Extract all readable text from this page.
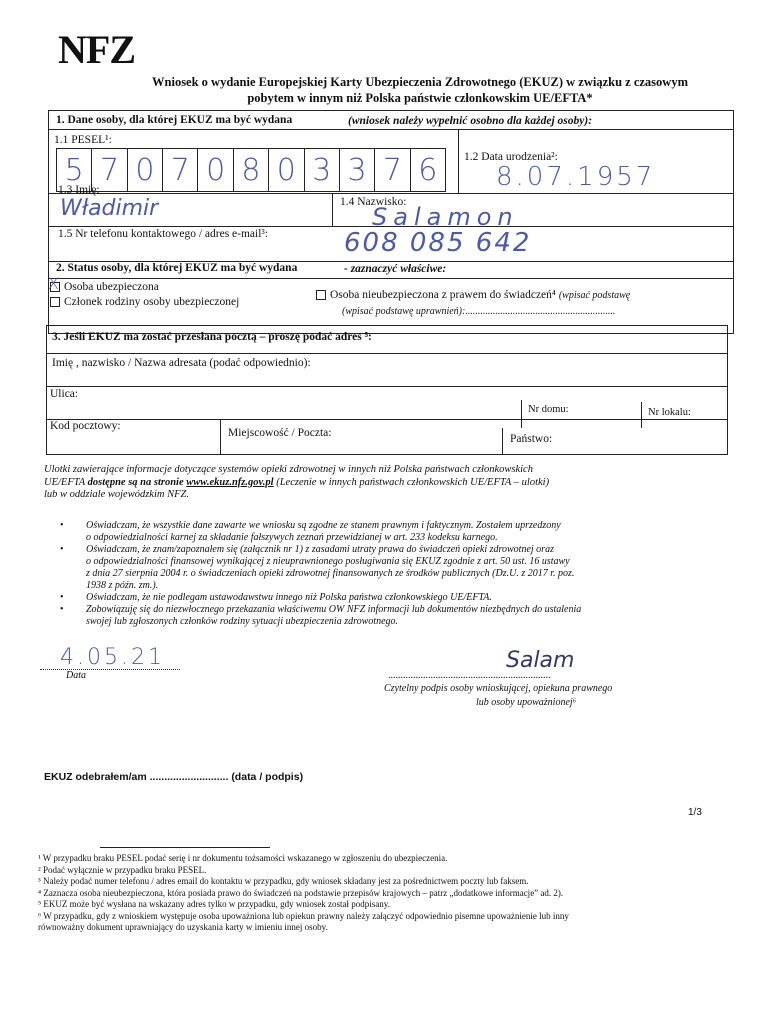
NFZ
Wniosek o wydanie Europejskiej Karty Ubezpieczenia Zdrowotnego (EKUZ) w związku z czasowym
pobytem w innym niż Polska państwie członkowskim UE/EFTA*
1. Dane osoby, dla której EKUZ ma być wydana	(wniosek należy wypełnić osobno dla każdej osoby):
1.1 PESEL¹:
5 7 0 7 0 8 0 3 3 7 6	1.2 Data urodzenia²:
8.07.1957
1.3 Imię:
Władimir	1.4 Nazwisko:
Salamon
1.5 Nr telefonu kontaktowego / adres e-mail³:	608 085 642
2. Status osoby, dla której EKUZ ma być wydana	- zaznaczyć właściwe:
X Osoba ubezpieczona
Członek rodziny osoby ubezpieczonej
Osoba nieubezpieczona z prawem do świadczeń⁴ (wpisać podstawę
(wpisać podstawę uprawnień):............................................................
3. Jeśli EKUZ ma zostać przesłana pocztą – proszę podać adres ⁵:
Imię , nazwisko / Nazwa adresata (podać odpowiednio):
Ulica:
Nr domu:	Nr lokalu:
Kod pocztowy:
Miejscowość / Poczta:	Państwo:
Ulotki zawierające informacje dotyczące systemów opieki zdrowotnej w innych niż Polska państwach członkowskich
UE/EFTA dostępne są na stronie www.ekuz.nfz.gov.pl (Leczenie w innych państwach członkowskich UE/EFTA – ulotki)
lub w oddziale wojewódzkim NFZ.
• Oświadczam, że wszystkie dane zawarte we wniosku są zgodne ze stanem prawnym i faktycznym. Zostałem uprzedzony
o odpowiedzialności karnej za składanie fałszywych zeznań przewidzianej w art. 233 kodeksu karnego.
• Oświadczam, że znam/zapoznałem się (załącznik nr 1) z zasadami utraty prawa do świadczeń opieki zdrowotnej oraz
o odpowiedzialności finansowej wynikającej z nieuprawnionego posługiwania się EKUZ zgodnie z art. 50 ust. 16 ustawy
z dnia 27 sierpnia 2004 r. o świadczeniach opieki zdrowotnej finansowanych ze środków publicznych (Dz.U. z 2017 r. poz.
1938 z późn. zm.).
• Oświadczam, że nie podlegam ustawodawstwu innego niż Polska państwa członkowskiego UE/EFTA.
• Zobowiązuję się do niezwłocznego przekazania właściwemu OW NFZ informacji lub dokumentów niezbędnych do ustalenia
swojej lub zgłoszonych członków rodziny sytuacji ubezpieczenia zdrowotnego.
4.05.21
Data
Salam
.................................................................
Czytelny podpis osoby wnioskującej, opiekuna prawnego
lub osoby upoważnionej⁶
EKUZ odebrałem/am ........................... (data / podpis)
1/3
¹ W przypadku braku PESEL podać serię i nr dokumentu tożsamości wskazanego w zgłoszeniu do ubezpieczenia.
² Podać wyłącznie w przypadku braku PESEL.
³ Należy podać numer telefonu / adres email do kontaktu w przypadku, gdy wniosek składany jest za pośrednictwem poczty lub faksem.
⁴ Zaznacza osoba nieubezpieczona, która posiada prawo do świadczeń na podstawie przepisów krajowych – patrz „dodatkowe informacje” ad. 2).
⁵ EKUZ może być wysłana na wskazany adres tylko w przypadku, gdy wniosek został podpisany.
⁶ W przypadku, gdy z wnioskiem występuje osoba upoważniona lub opiekun prawny należy załączyć odpowiednio pisemne upoważnienie lub inny
równoważny dokument uprawniający do uzyskania karty w imieniu innej osoby.
